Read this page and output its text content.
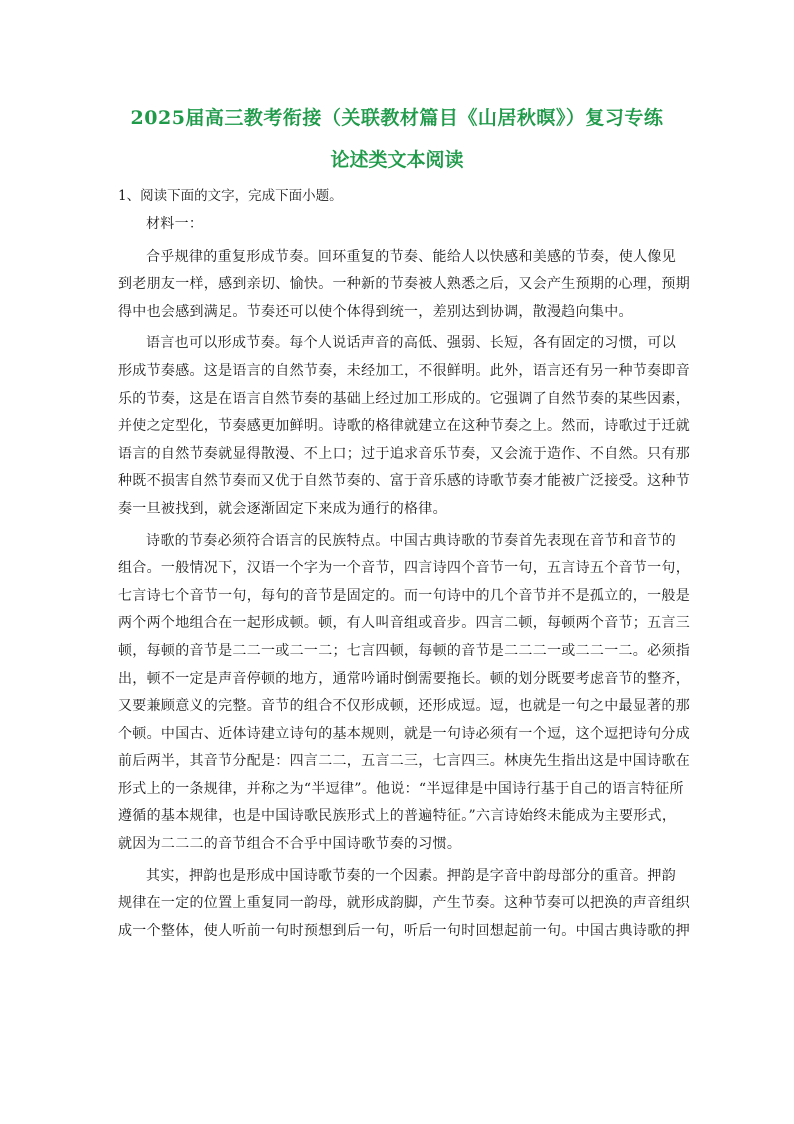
2025届高三教考衔接（关联教材篇目《山居秋暝》）复习专练
论述类文本阅读
1、阅读下面的文字，完成下面小题。
材料一：
合乎规律的重复形成节奏。回环重复的节奏、能给人以快感和美感的节奏，使人像见
到老朋友一样，感到亲切、愉快。一种新的节奏被人熟悉之后，又会产生预期的心理，预期
得中也会感到满足。节奏还可以使个体得到统一，差别达到协调，散漫趋向集中。
语言也可以形成节奏。每个人说话声音的高低、强弱、长短，各有固定的习惯，可以
形成节奏感。这是语言的自然节奏，未经加工，不很鲜明。此外，语言还有另一种节奏即音
乐的节奏，这是在语言自然节奏的基础上经过加工形成的。它强调了自然节奏的某些因素，
并使之定型化，节奏感更加鲜明。诗歌的格律就建立在这种节奏之上。然而，诗歌过于迁就
语言的自然节奏就显得散漫、不上口；过于追求音乐节奏，又会流于造作、不自然。只有那
种既不损害自然节奏而又优于自然节奏的、富于音乐感的诗歌节奏才能被广泛接受。这种节
奏一旦被找到，就会逐渐固定下来成为通行的格律。
诗歌的节奏必须符合语言的民族特点。中国古典诗歌的节奏首先表现在音节和音节的
组合。一般情况下，汉语一个字为一个音节，四言诗四个音节一句，五言诗五个音节一句，
七言诗七个音节一句，每句的音节是固定的。而一句诗中的几个音节并不是孤立的，一般是
两个两个地组合在一起形成顿。顿，有人叫音组或音步。四言二顿，每顿两个音节；五言三
顿，每顿的音节是二二一或二一二；七言四顿，每顿的音节是二二二一或二二一二。必须指
出，顿不一定是声音停顿的地方，通常吟诵时倒需要拖长。顿的划分既要考虑音节的整齐，
又要兼顾意义的完整。音节的组合不仅形成顿，还形成逗。逗，也就是一句之中最显著的那
个顿。中国古、近体诗建立诗句的基本规则，就是一句诗必须有一个逗，这个逗把诗句分成
前后两半，其音节分配是：四言二二，五言二三，七言四三。林庚先生指出这是中国诗歌在
形式上的一条规律，并称之为“半逗律”。他说：“半逗律是中国诗行基于自己的语言特征所
遵循的基本规律，也是中国诗歌民族形式上的普遍特征。”六言诗始终未能成为主要形式，
就因为二二二的音节组合不合乎中国诗歌节奏的习惯。
其实，押韵也是形成中国诗歌节奏的一个因素。押韵是字音中韵母部分的重音。押韵
规律在一定的位置上重复同一韵母，就形成韵脚，产生节奏。这种节奏可以把涣的声音组织
成一个整体，使人听前一句时预想到后一句，听后一句时回想起前一句。中国古典诗歌的押
